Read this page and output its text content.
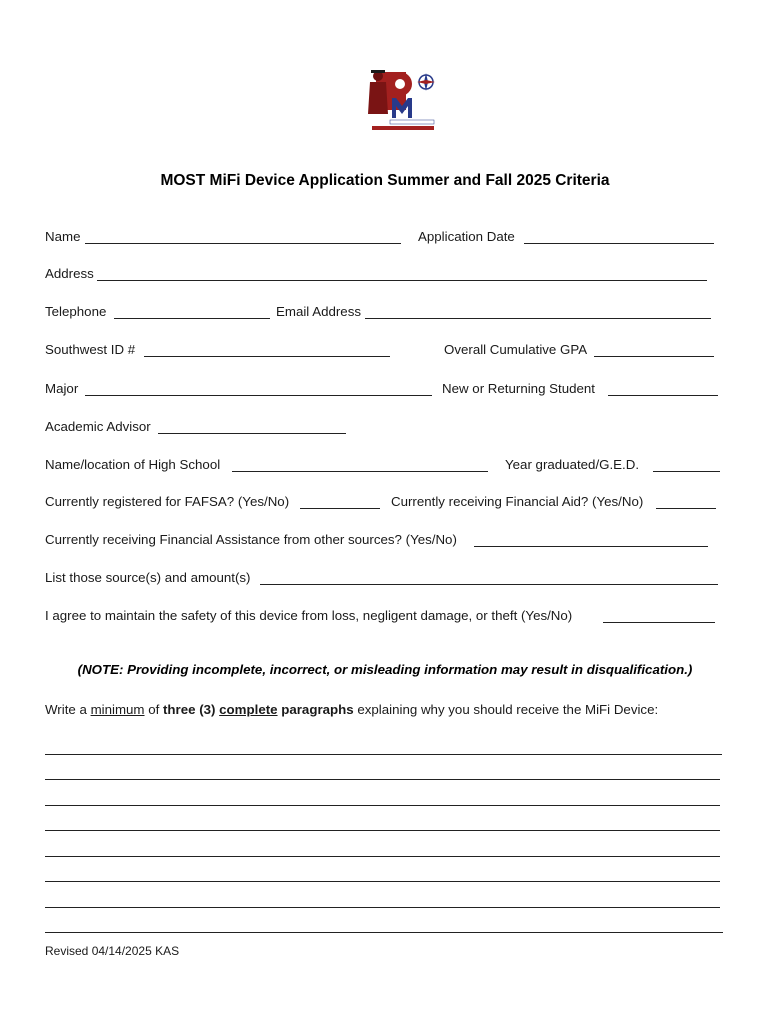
MOST MiFi Device Application Summer and Fall 2025 Criteria
Name	Application Date
Address
Telephone	Email Address
Southwest ID #	Overall Cumulative GPA
Major	New or Returning Student
Academic Advisor
Name/location of High School	Year graduated/G.E.D.
Currently registered for FAFSA? (Yes/No)	Currently receiving Financial Aid? (Yes/No)
Currently receiving Financial Assistance from other sources? (Yes/No)
List those source(s) and amount(s)
I agree to maintain the safety of this device from loss, negligent damage, or theft (Yes/No)
(NOTE: Providing incomplete, incorrect, or misleading information may result in disqualification.)
Write a minimum of three (3) complete paragraphs explaining why you should receive the MiFi Device:
Revised 04/14/2025 KAS
